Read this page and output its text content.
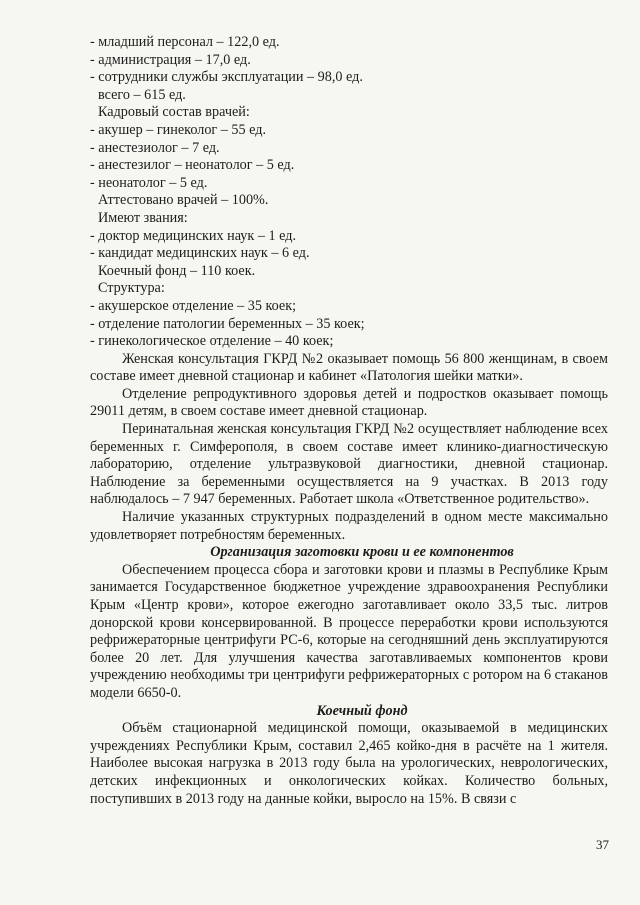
- младший персонал – 122,0 ед.
- администрация – 17,0 ед.
- сотрудники службы эксплуатации – 98,0 ед.
всего – 615 ед.
Кадровый состав врачей:
- акушер – гинеколог – 55 ед.
- анестезиолог – 7 ед.
- анестезилог – неонатолог – 5 ед.
- неонатолог – 5 ед.
Аттестовано врачей – 100%.
Имеют звания:
- доктор медицинских наук – 1 ед.
- кандидат медицинских наук – 6 ед.
Коечный фонд – 110 коек.
Структура:
- акушерское отделение – 35 коек;
- отделение патологии беременных – 35 коек;
- гинекологическое отделение – 40 коек;

Женская консультация ГКРД №2 оказывает помощь 56 800 женщинам, в своем составе имеет дневной стационар и кабинет «Патология шейки матки».

Отделение репродуктивного здоровья детей и подростков оказывает помощь 29011 детям, в своем составе имеет дневной стационар.

Перинатальная женская консультация ГКРД №2 осуществляет наблюдение всех беременных г. Симферополя, в своем составе имеет клинико-диагностическую лабораторию, отделение ультразвуковой диагностики, дневной стационар. Наблюдение за беременными осуществляется на 9 участках. В 2013 году наблюдалось – 7 947 беременных. Работает школа «Ответственное родительство».

Наличие указанных структурных подразделений в одном месте максимально удовлетворяет потребностям беременных.

Организация заготовки крови и ее компонентов

Обеспечением процесса сбора и заготовки крови и плазмы в Республике Крым занимается Государственное бюджетное учреждение здравоохранения Республики Крым «Центр крови», которое ежегодно заготавливает около 33,5 тыс. литров донорской крови консервированной. В процессе переработки крови используются рефрижераторные центрифуги РС-6, которые на сегодняшний день эксплуатируются более 20 лет. Для улучшения качества заготавливаемых компонентов крови учреждению необходимы три центрифуги рефрижераторных с ротором на 6 стаканов модели 6650-0.

Коечный фонд

Объём стационарной медицинской помощи, оказываемой в медицинских учреждениях Республики Крым, составил 2,465 койко-дня в расчёте на 1 жителя. Наиболее высокая нагрузка в 2013 году была на урологических, неврологических, детских инфекционных и онкологических койках. Количество больных, поступивших в 2013 году на данные койки, выросло на 15%. В связи с

37
